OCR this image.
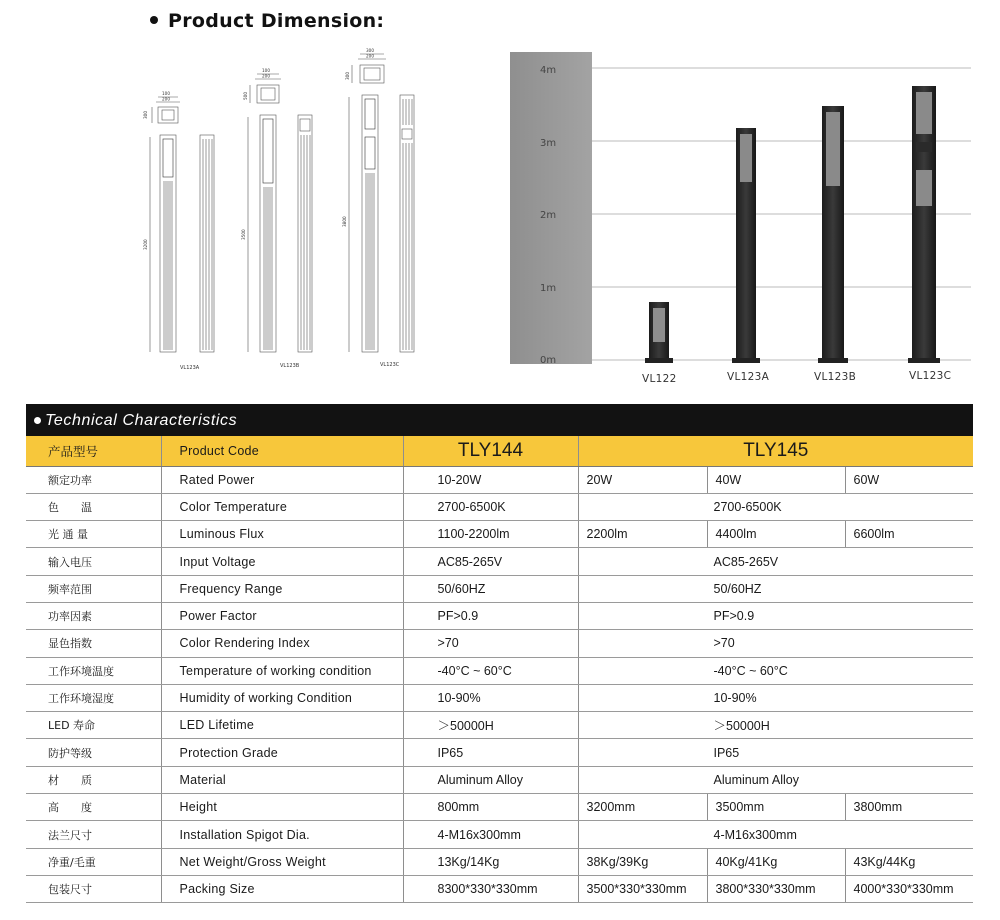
Product Dimension:
100
200
300
3200
100
200
500
3500
300
200
300
3800
VL123A	VL123B	VL123C
4m
3m
2m
1m
0m
VL122	VL123A	VL123B	VL123C
Technical Characteristics
产品型号	Product Code	TLY144	TLY145		
额定功率	Rated Power	10-20W	20W	40W	60W
色　　温	Color Temperature	2700-6500K	2700-6500K		
光 通 量	Luminous Flux	1100-2200lm	2200lm	4400lm	6600lm
输入电压	Input Voltage	AC85-265V	AC85-265V		
频率范围	Frequency Range	50/60HZ	50/60HZ		
功率因素	Power Factor	PF>0.9	PF>0.9		
显色指数	Color Rendering Index	>70	>70		
工作环境温度	Temperature of working condition	-40°C ~ 60°C	-40°C ~ 60°C		
工作环境湿度	Humidity of working Condition	10-90%	10-90%		
LED 寿命	LED Lifetime	＞50000H	＞50000H		
防护等级	Protection Grade	IP65	IP65		
材　　质	Material	Aluminum Alloy	Aluminum Alloy		
高　　度	Height	800mm	3200mm	3500mm	3800mm
法兰尺寸	Installation Spigot Dia.	4-M16x300mm	4-M16x300mm		
净重/毛重	Net Weight/Gross Weight	13Kg/14Kg	38Kg/39Kg	40Kg/41Kg	43Kg/44Kg
包装尺寸	Packing Size	8300*330*330mm	3500*330*330mm	3800*330*330mm	4000*330*330mm
